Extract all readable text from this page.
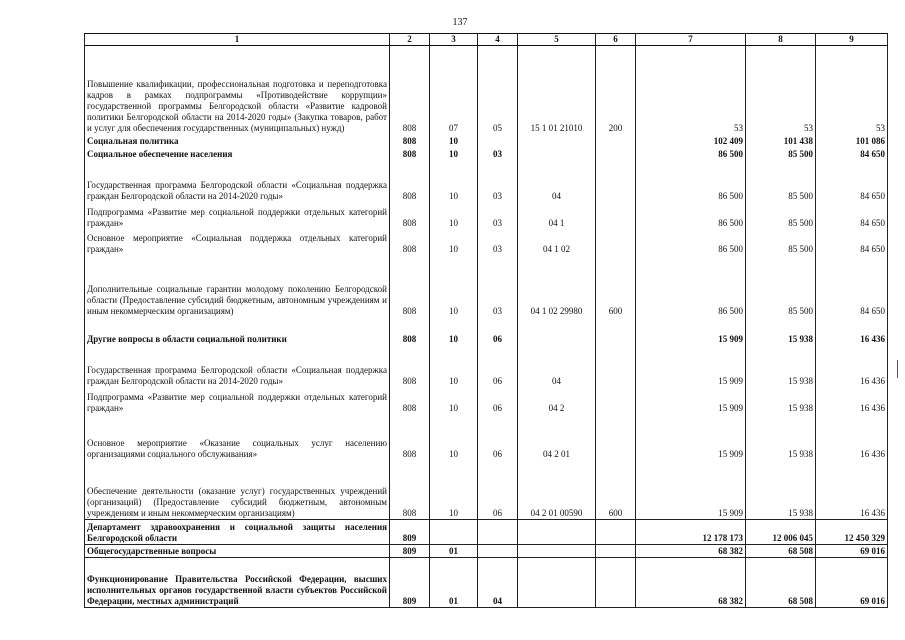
137
1	2	3	4	5	6	7	8	9
Повышение квалификации, профессиональная подготовка и переподготовка кадров в рамках подпрограммы «Противодействие коррупции» государственной программы Белгородской области «Развитие кадровой политики Белгородской области на 2014-2020 годы» (Закупка товаров, работ и услуг для обеспечения государственных (муниципальных) нужд)	808	07	05	15 1 01 21010	200	53	53	53
Социальная политика	808	10				102 409	101 438	101 086
Социальное обеспечение населения	808	10	03			86 500	85 500	84 650
Государственная программа Белгородской области «Социальная поддержка граждан Белгородской области на 2014-2020 годы»	808	10	03	04		86 500	85 500	84 650
Подпрограмма «Развитие мер социальной поддержки отдельных категорий граждан»	808	10	03	04 1		86 500	85 500	84 650
Основное мероприятие «Социальная поддержка отдельных категорий граждан»	808	10	03	04 1 02		86 500	85 500	84 650
Дополнительные социальные гарантии молодому поколению Белгородской области (Предоставление субсидий бюджетным, автономным учреждениям и иным некоммерческим организациям)	808	10	03	04 1 02 29980	600	86 500	85 500	84 650
Другие вопросы в области социальной политики	808	10	06			15 909	15 938	16 436
Государственная программа Белгородской области «Социальная поддержка граждан Белгородской области на 2014-2020 годы»	808	10	06	04		15 909	15 938	16 436
Подпрограмма «Развитие мер социальной поддержки отдельных категорий граждан»	808	10	06	04 2		15 909	15 938	16 436
Основное мероприятие «Оказание социальных услуг населению организациями социального обслуживания»	808	10	06	04 2 01		15 909	15 938	16 436
Обеспечение деятельности (оказание услуг) государственных учреждений (организаций) (Предоставление субсидий бюджетным, автономным учреждениям и иным некоммерческим организациям)	808	10	06	04 2 01 00590	600	15 909	15 938	16 436
Департамент здравоохранения и социальной защиты населения Белгородской области	809					12 178 173	12 006 045	12 450 329
Общегосударственные вопросы	809	01				68 382	68 508	69 016
Функционирование Правительства Российской Федерации, высших исполнительных органов государственной власти субъектов Российской Федерации, местных администраций	809	01	04			68 382	68 508	69 016
